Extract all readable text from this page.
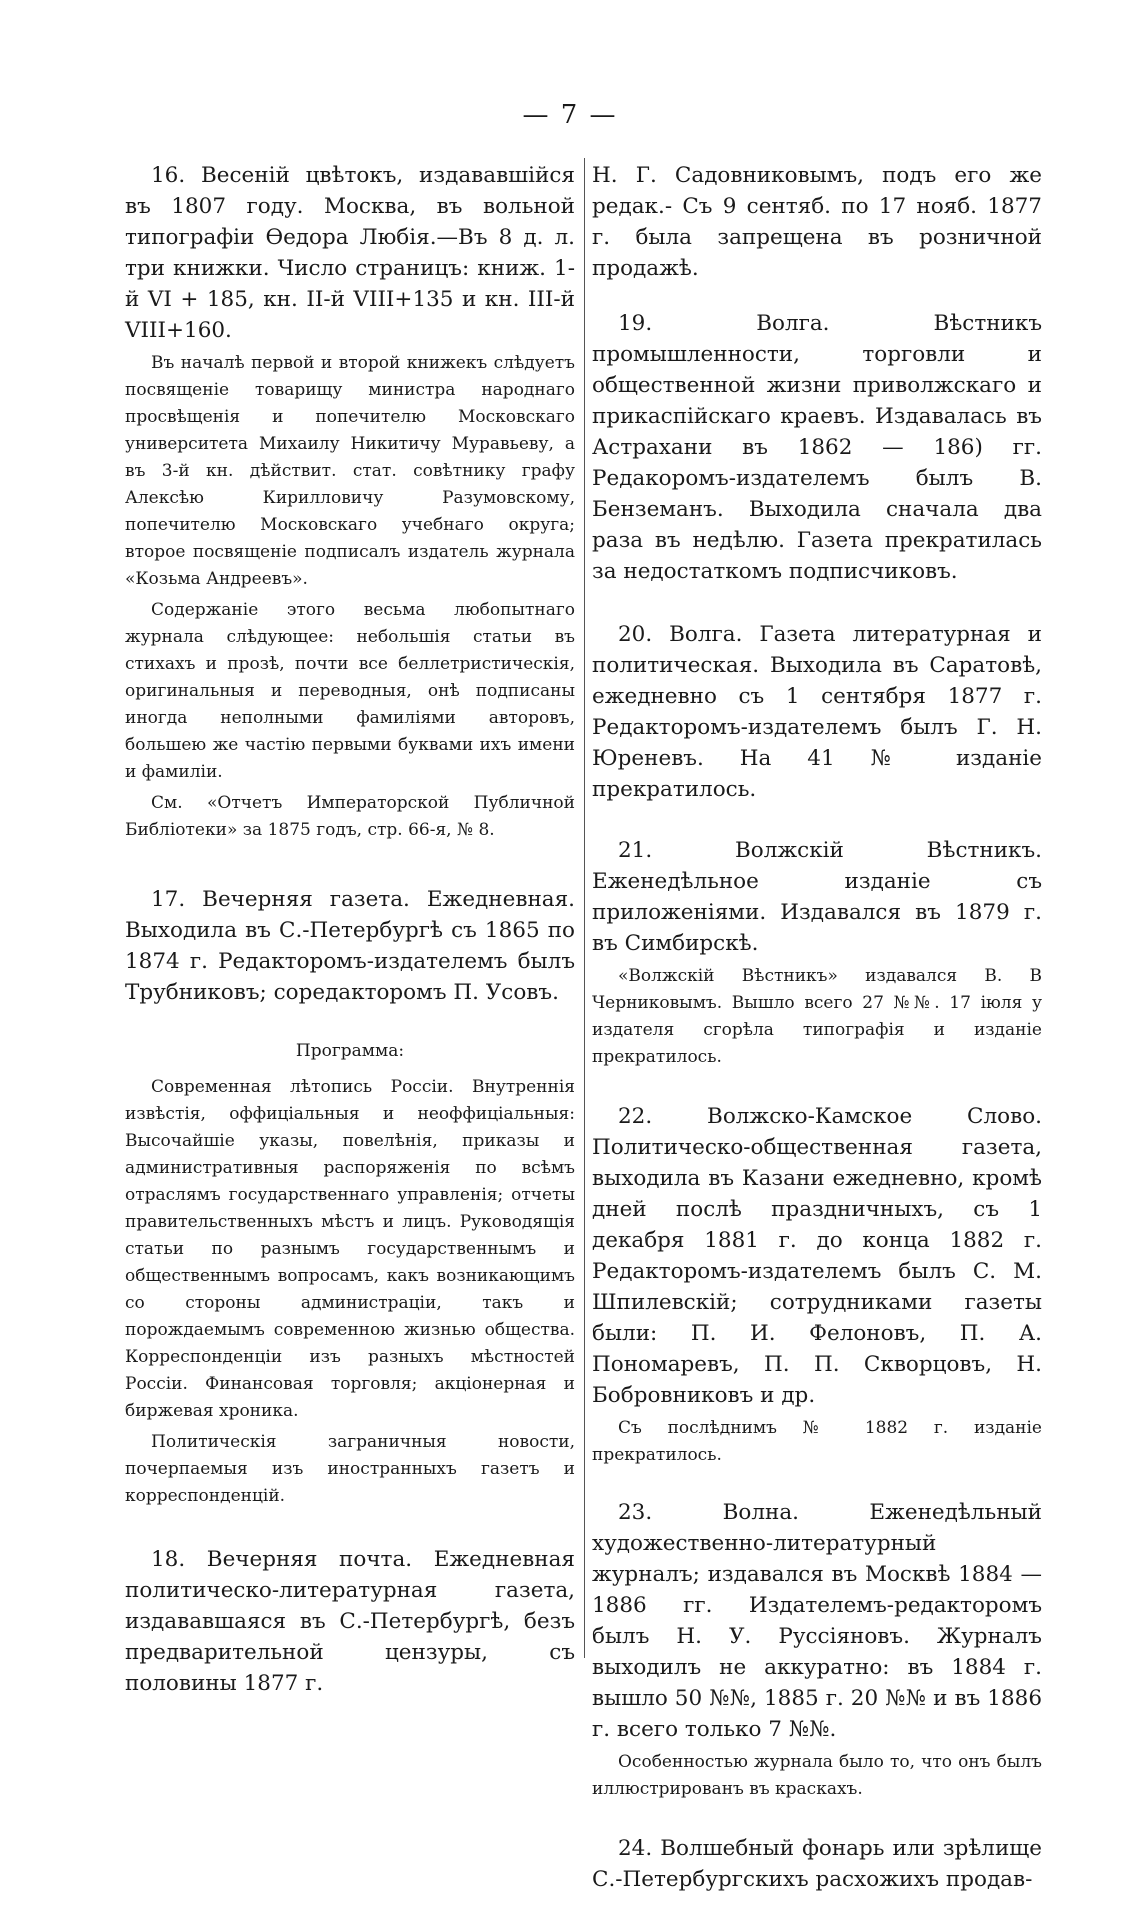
— 7 —

16. Весеній цвѣтокъ, издававшійся въ 1807 году. Москва, въ вольной типографіи Ѳедора Любія.—Въ 8 д. л. три книжки. Число страницъ: книж. 1-й VI + 185, кн. II-й VIII+135 и кн. III-й VIII+160.

Въ началѣ первой и второй книжекъ слѣдуетъ посвященіе товарищу министра народнаго просвѣщенія и попечителю Московскаго университета Михаилу Никитичу Муравьеву, а въ 3-й кн. дѣйствит. стат. совѣтнику графу Алексѣю Кирилловичу Разумовскому, попечителю Московскаго учебнаго округа; второе посвященіе подписалъ издатель журнала «Козьма Андреевъ».

Содержаніе этого весьма любопытнаго журнала слѣдующее: небольшія статьи въ стихахъ и прозѣ, почти все беллетристическія, оригинальныя и переводныя, онѣ подписаны иногда неполными фамиліями авторовъ, большею же частію первыми буквами ихъ имени и фамиліи.

См. «Отчетъ Императорской Публичной Библіотеки» за 1875 годъ, стр. 66-я, № 8.

17. Вечерняя газета. Ежедневная. Выходила въ С.-Петербургѣ съ 1865 по 1874 г. Редакторомъ-издателемъ былъ Трубниковъ; соредакторомъ П. Усовъ.

Программа:

Современная лѣтопись Россіи. Внутреннія извѣстія, оффиціальныя и неоффиціальныя: Высочайшіе указы, повелѣнія, приказы и административныя распоряженія по всѣмъ отраслямъ государственнаго управленія; отчеты правительственныхъ мѣстъ и лицъ. Руководящія статьи по разнымъ государственнымъ и общественнымъ вопросамъ, какъ возникающимъ со стороны администраціи, такъ и порождаемымъ современною жизнью общества. Корреспонденціи изъ разныхъ мѣстностей Россіи. Финансовая торговля; акціонерная и биржевая хроника.

Политическія заграничныя новости, почерпаемыя изъ иностранныхъ газетъ и корреспонденцій.

18. Вечерняя почта. Ежедневная политическо-литературная газета, издававшаяся въ С.-Петербургѣ, безъ предварительной цензуры, съ половины 1877 г.

Н. Г. Садовниковымъ, подъ его же редак.- Съ 9 сентяб. по 17 нояб. 1877 г. была запрещена въ розничной продажѣ.

19. Волга. Вѣстникъ промышленности, торговли и общественной жизни приволжскаго и прикаспійскаго краевъ. Издавалась въ Астрахани въ 1862 — 186) гг. Редакоромъ-издателемъ былъ В. Бенземанъ. Выходила сначала два раза въ недѣлю. Газета прекратилась за недостаткомъ подписчиковъ.

20. Волга. Газета литературная и политическая. Выходила въ Саратовѣ, ежедневно съ 1 сентября 1877 г. Редакторомъ-издателемъ былъ Г. Н. Юреневъ. На 41 № изданіе прекратилось.

21. Волжскій Вѣстникъ. Еженедѣльное изданіе съ приложеніями. Издавался въ 1879 г. въ Симбирскѣ.

«Волжскій Вѣстникъ» издавался В. В Черниковымъ. Вышло всего 27 №№. 17 іюля у издателя сгорѣла типографія и изданіе прекратилось.

22. Волжско-Камское Слово. Политическо-общественная газета, выходила въ Казани ежедневно, кромѣ дней послѣ праздничныхъ, съ 1 декабря 1881 г. до конца 1882 г. Редакторомъ-издателемъ былъ С. М. Шпилевскій; сотрудниками газеты были: П. И. Фелоновъ, П. А. Пономаревъ, П. П. Скворцовъ, Н. Бобровниковъ и др.

Съ послѣднимъ № 1882 г. изданіе прекратилось.

23. Волна. Еженедѣльный художественно-литературный журналъ; издавался въ Москвѣ 1884 — 1886 гг. Издателемъ-редакторомъ былъ Н. У. Руссіяновъ. Журналъ выходилъ не аккуратно: въ 1884 г. вышло 50 №№, 1885 г. 20 №№ и въ 1886 г. всего только 7 №№.

Особенностью журнала было то, что онъ былъ иллюстрированъ въ краскахъ.

24. Волшебный фонарь или зрѣлище С.-Петербургскихъ расхожихъ продав-
